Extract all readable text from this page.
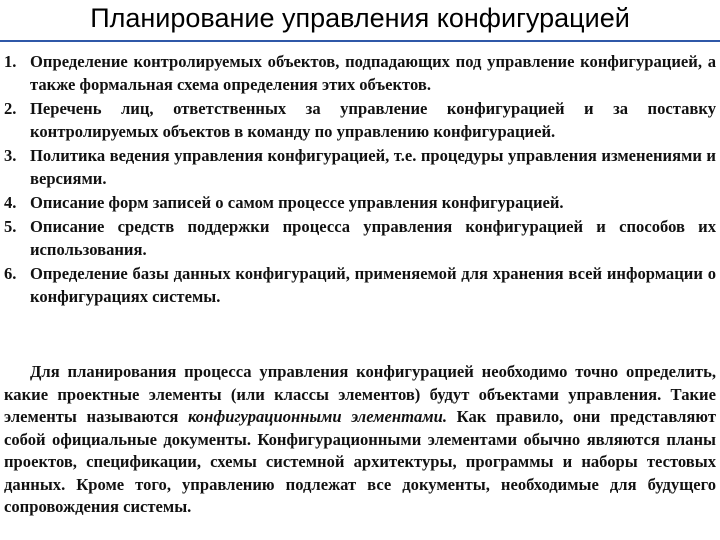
Планирование управления конфигурацией
1. Определение контролируемых объектов, подпадающих под управление конфигурацией, а также формальная схема определения этих объектов.
2. Перечень лиц, ответственных за управление конфигурацией и за поставку контролируемых объектов в команду по управлению конфигурацией.
3. Политика ведения управления конфигурацией, т.е. процедуры управления изменениями и версиями.
4. Описание форм записей о самом процессе управления конфигурацией.
5. Описание средств поддержки процесса управления конфигурацией и способов их использования.
6. Определение базы данных конфигураций, применяемой для хранения всей информации о конфигурациях системы.

Для планирования процесса управления конфигурацией необходимо точно определить, какие проектные элементы (или классы элементов) будут объектами управления. Такие элементы называются конфигурационными элементами. Как правило, они представляют собой официальные документы. Конфигурационными элементами обычно являются планы проектов, спецификации, схемы системной архитектуры, программы и наборы тестовых данных. Кроме того, управлению подлежат все документы, необходимые для будущего сопровождения системы.
